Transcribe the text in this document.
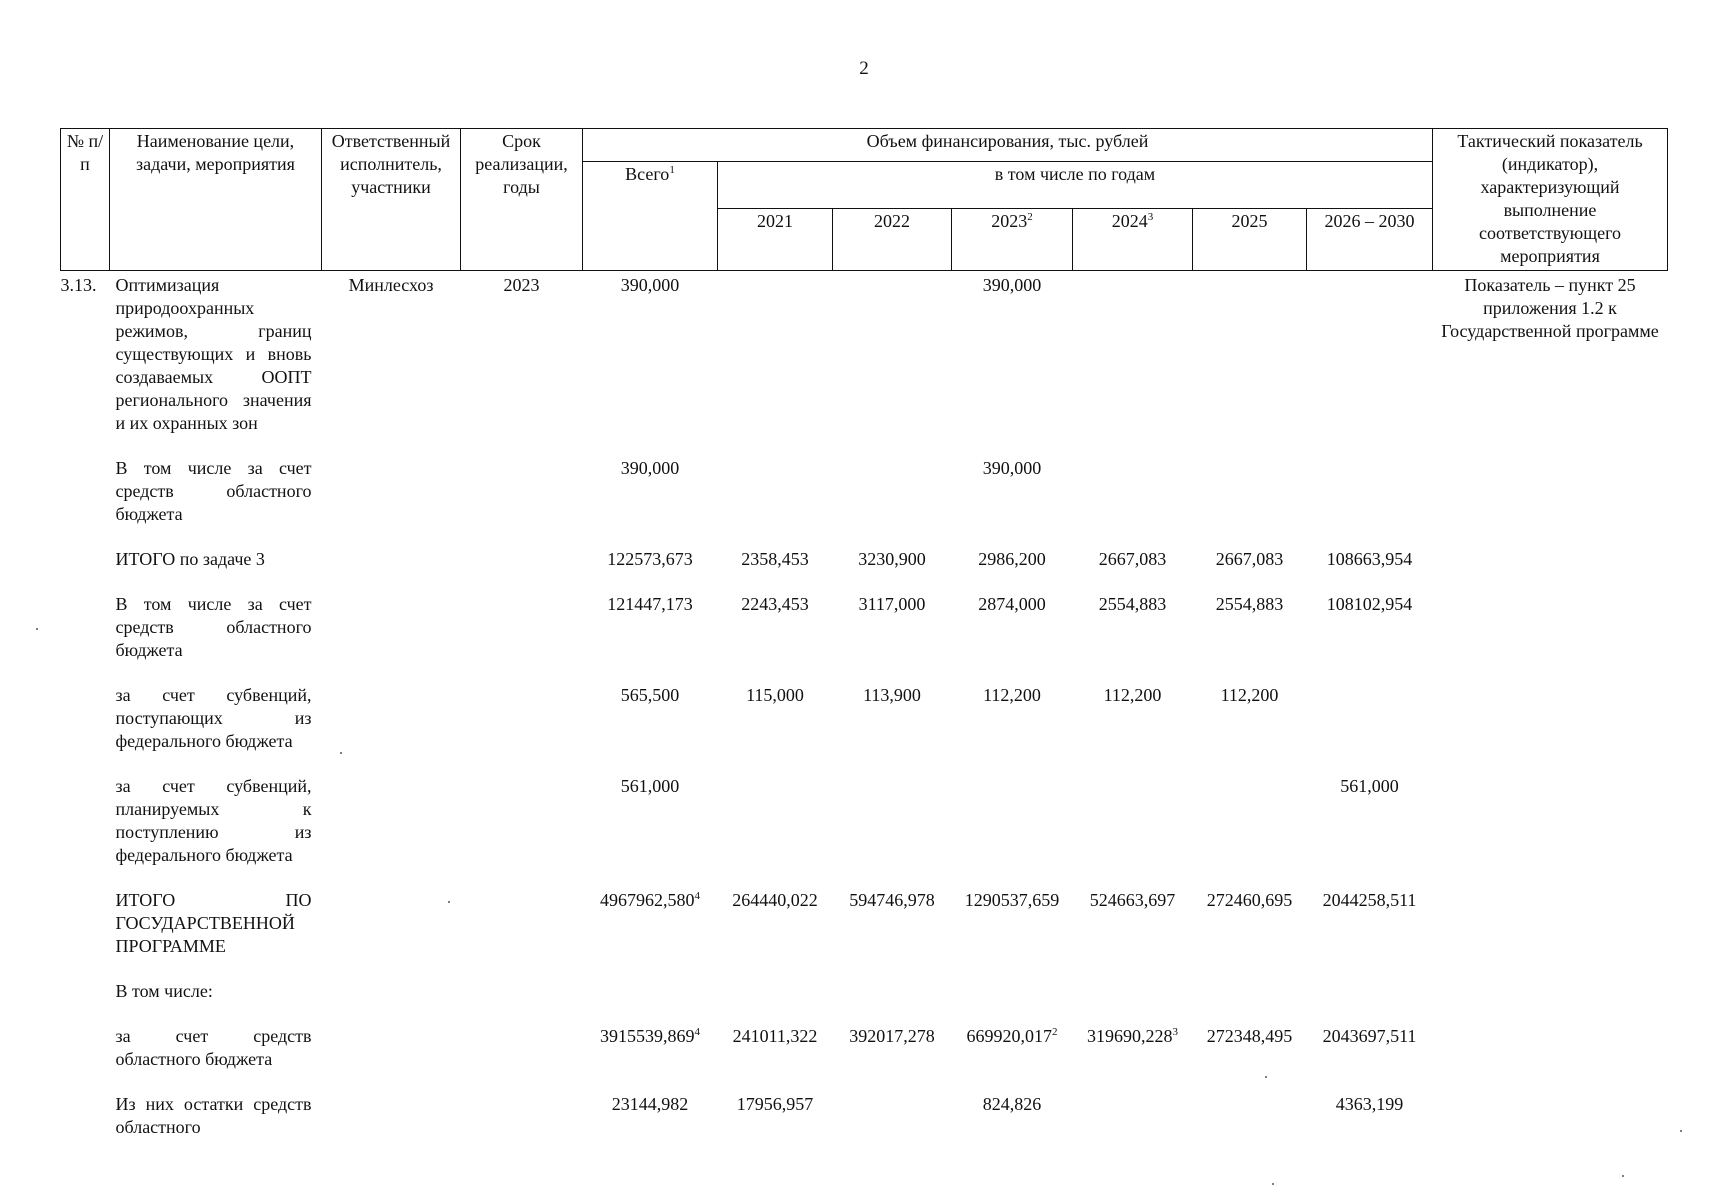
2
№ п/п	Наименование цели, задачи, мероприятия	Ответственный исполнитель, участники	Срок реализации, годы	Объем финансирования, тыс. рублей							Тактический показатель (индикатор), характеризующий выполнение соответствующего мероприятия
				Всего$^1$	в том числе по годам						
					2021	2022	2023$^2$	2024$^3$	2025	2026 – 2030	
3.13.	Оптимизация природоохранных режимов, границ существующих и вновь создаваемых ООПТ регионального значения и их охранных зон	Минлесхоз	2023	390,000			390,000				Показатель – пункт 25 приложения 1.2 к Государственной программе

	В том числе за счет средств областного бюджета			390,000			390,000				

	ИТОГО по задаче 3			122573,673	2358,453	3230,900	2986,200	2667,083	2667,083	108663,954	

	В том числе за счет средств областного бюджета			121447,173	2243,453	3117,000	2874,000	2554,883	2554,883	108102,954	

	за счет субвенций, поступающих из федерального бюджета			565,500	115,000	113,900	112,200	112,200	112,200		

	за счет субвенций, планируемых к поступлению из федерального бюджета			561,000						561,000	

	ИТОГО ПО ГОСУДАРСТВЕННОЙ ПРОГРАММЕ			4967962,580$^4$	264440,022	594746,978	1290537,659	524663,697	272460,695	2044258,511	

	В том числе:										

	за счет средств областного бюджета			3915539,869$^4$	241011,322	392017,278	669920,017$^2$	319690,228$^3$	272348,495	2043697,511	

	Из них остатки средств областного			23144,982	17956,957		824,826			4363,199	
